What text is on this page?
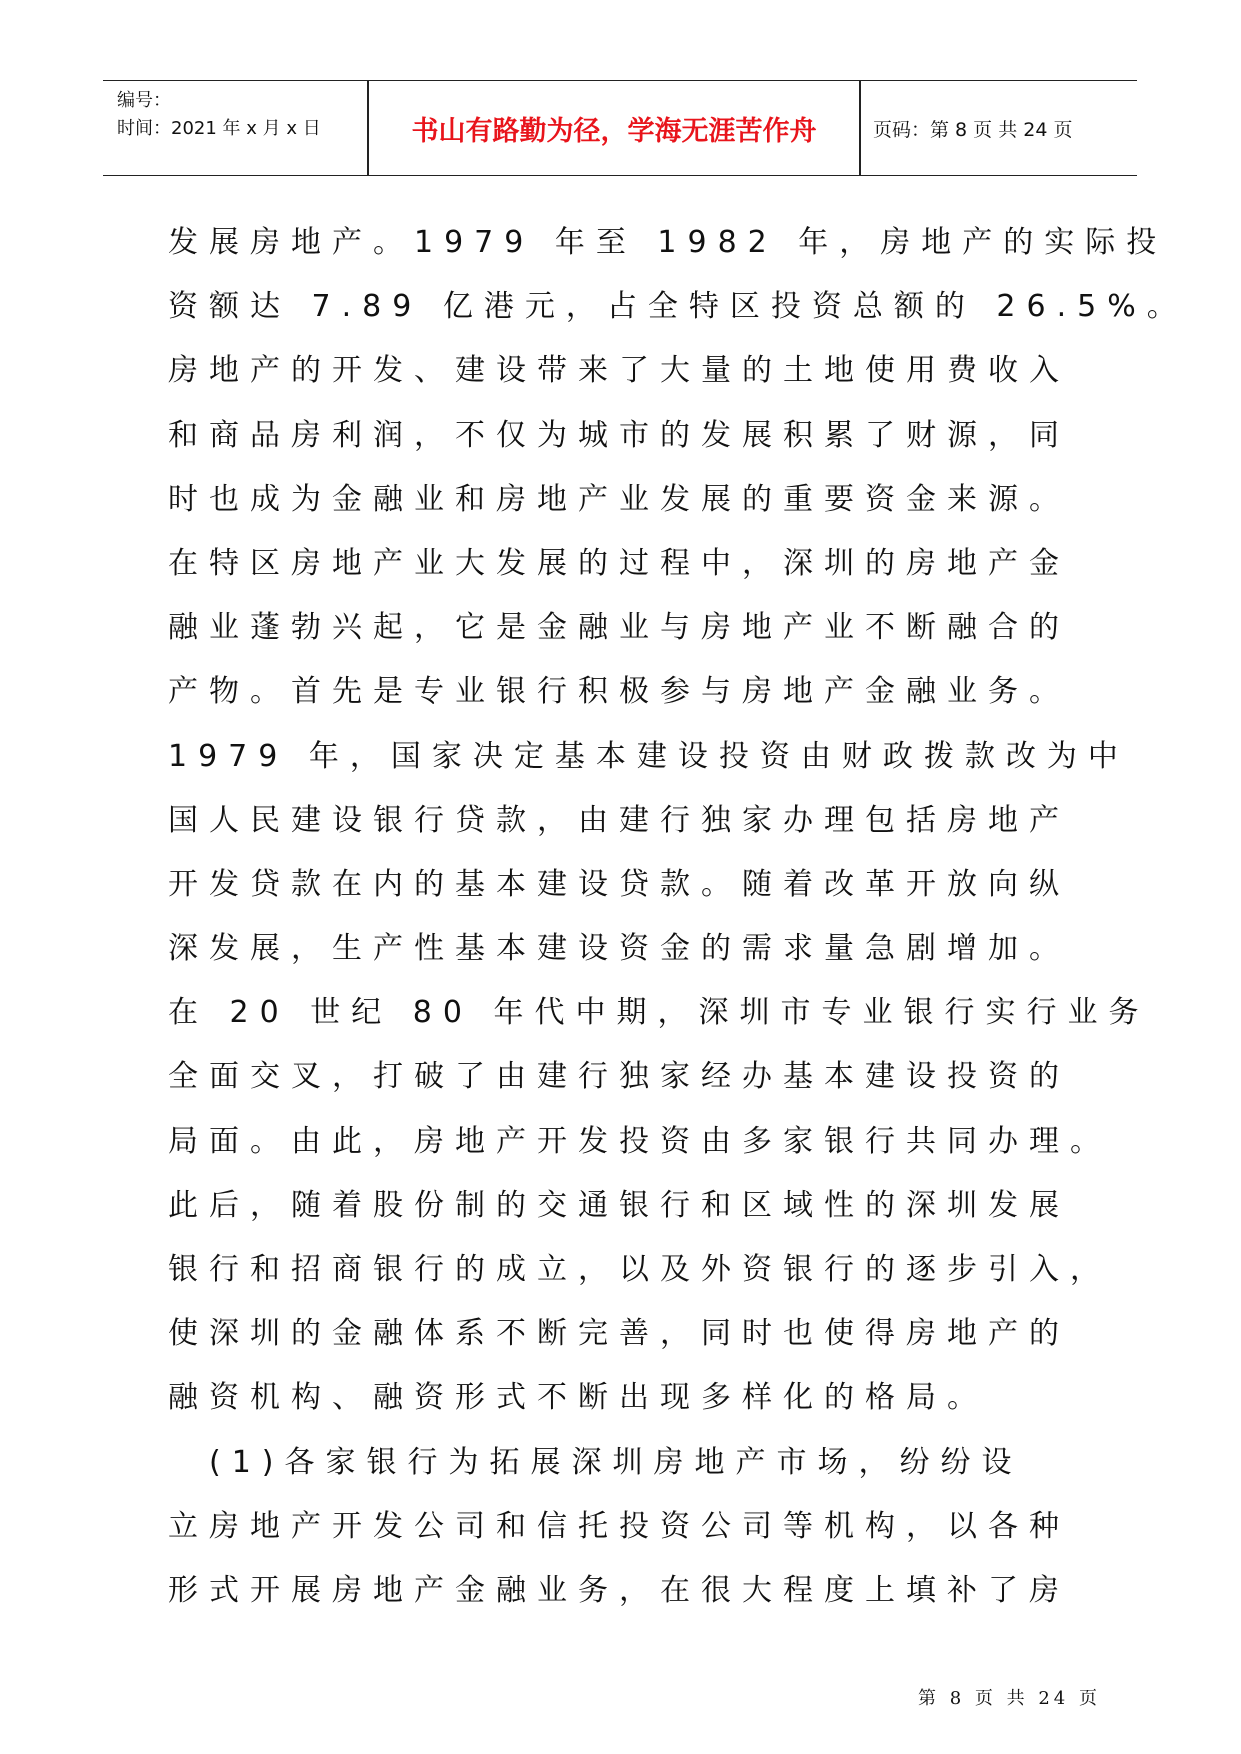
编号：
时间：2021 年 x 月 x 日	书山有路勤为径，学海无涯苦作舟	页码：第 8 页 共 24 页
发展房地产。1979 年至 1982 年，房地产的实际投
资额达 7.89 亿港元，占全特区投资总额的 26.5%。
房地产的开发、建设带来了大量的土地使用费收入
和商品房利润，不仅为城市的发展积累了财源，同
时也成为金融业和房地产业发展的重要资金来源。
在特区房地产业大发展的过程中，深圳的房地产金
融业蓬勃兴起，它是金融业与房地产业不断融合的
产物。首先是专业银行积极参与房地产金融业务。
1979 年，国家决定基本建设投资由财政拨款改为中
国人民建设银行贷款，由建行独家办理包括房地产
开发贷款在内的基本建设贷款。随着改革开放向纵
深发展，生产性基本建设资金的需求量急剧增加。
在 20 世纪 80 年代中期，深圳市专业银行实行业务
全面交叉，打破了由建行独家经办基本建设投资的
局面。由此，房地产开发投资由多家银行共同办理。
此后，随着股份制的交通银行和区域性的深圳发展
银行和招商银行的成立，以及外资银行的逐步引入，
使深圳的金融体系不断完善，同时也使得房地产的
融资机构、融资形式不断出现多样化的格局。
　(1)各家银行为拓展深圳房地产市场，纷纷设
立房地产开发公司和信托投资公司等机构，以各种
形式开展房地产金融业务，在很大程度上填补了房
第 8 页 共 24 页
